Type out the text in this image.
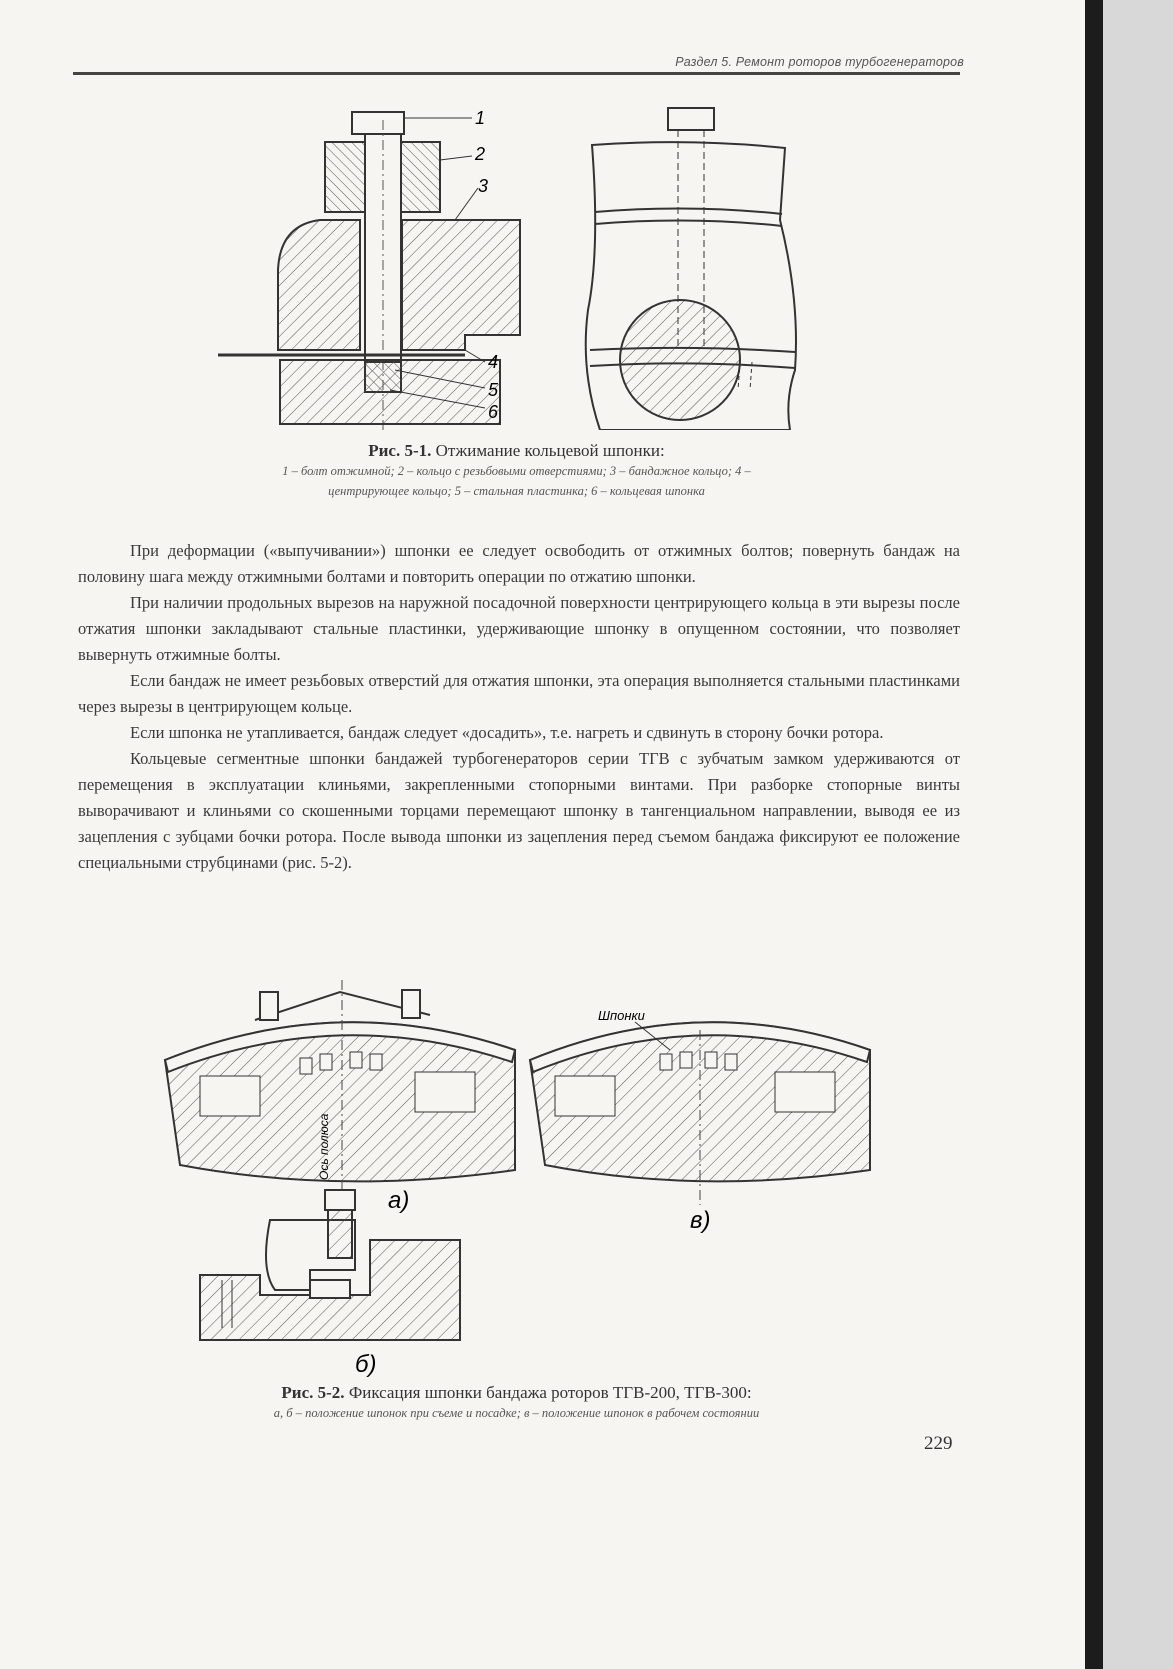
Раздел 5. Ремонт роторов турбогенераторов
1
2
3
4
5
6
Рис. 5-1. Отжимание кольцевой шпонки:
1 – болт отжимной; 2 – кольцо с резьбовыми отверстиями; 3 – бандажное кольцо; 4 –
центрирующее кольцо; 5 – стальная пластинка; 6 – кольцевая шпонка

При деформации («выпучивании») шпонки ее следует освободить от отжимных болтов; повернуть бандаж на половину шага между отжимными болтами и повторить операции по отжатию шпонки.

При наличии продольных вырезов на наружной посадочной поверхности центрирующего кольца в эти вырезы после отжатия шпонки закладывают стальные пластинки, удерживающие шпонку в опущенном состоянии, что позволяет вывернуть отжимные болты.

Если бандаж не имеет резьбовых отверстий для отжатия шпонки, эта операция выполняется стальными пластинками через вырезы в центрирующем кольце.

Если шпонка не утапливается, бандаж следует «досадить», т.е. нагреть и сдвинуть в сторону бочки ротора.

Кольцевые сегментные шпонки бандажей турбогенераторов серии ТГВ с зубчатым замком удерживаются от перемещения в эксплуатации клиньями, закрепленными стопорными винтами. При разборке стопорные винты выворачивают и клиньями со скошенными торцами перемещают шпонку в тангенциальном направлении, выводя ее из зацепления с зубцами бочки ротора. После вывода шпонки из зацепления перед съемом бандажа фиксируют ее положение специальными струбцинами (рис. 5-2).

Ось полюса
а)
Шпонки
в)
б)
Рис. 5-2. Фиксация шпонки бандажа роторов ТГВ-200, ТГВ-300:
а, б – положение шпонок при съеме и посадке; в – положение шпонок в рабочем состоянии
229
